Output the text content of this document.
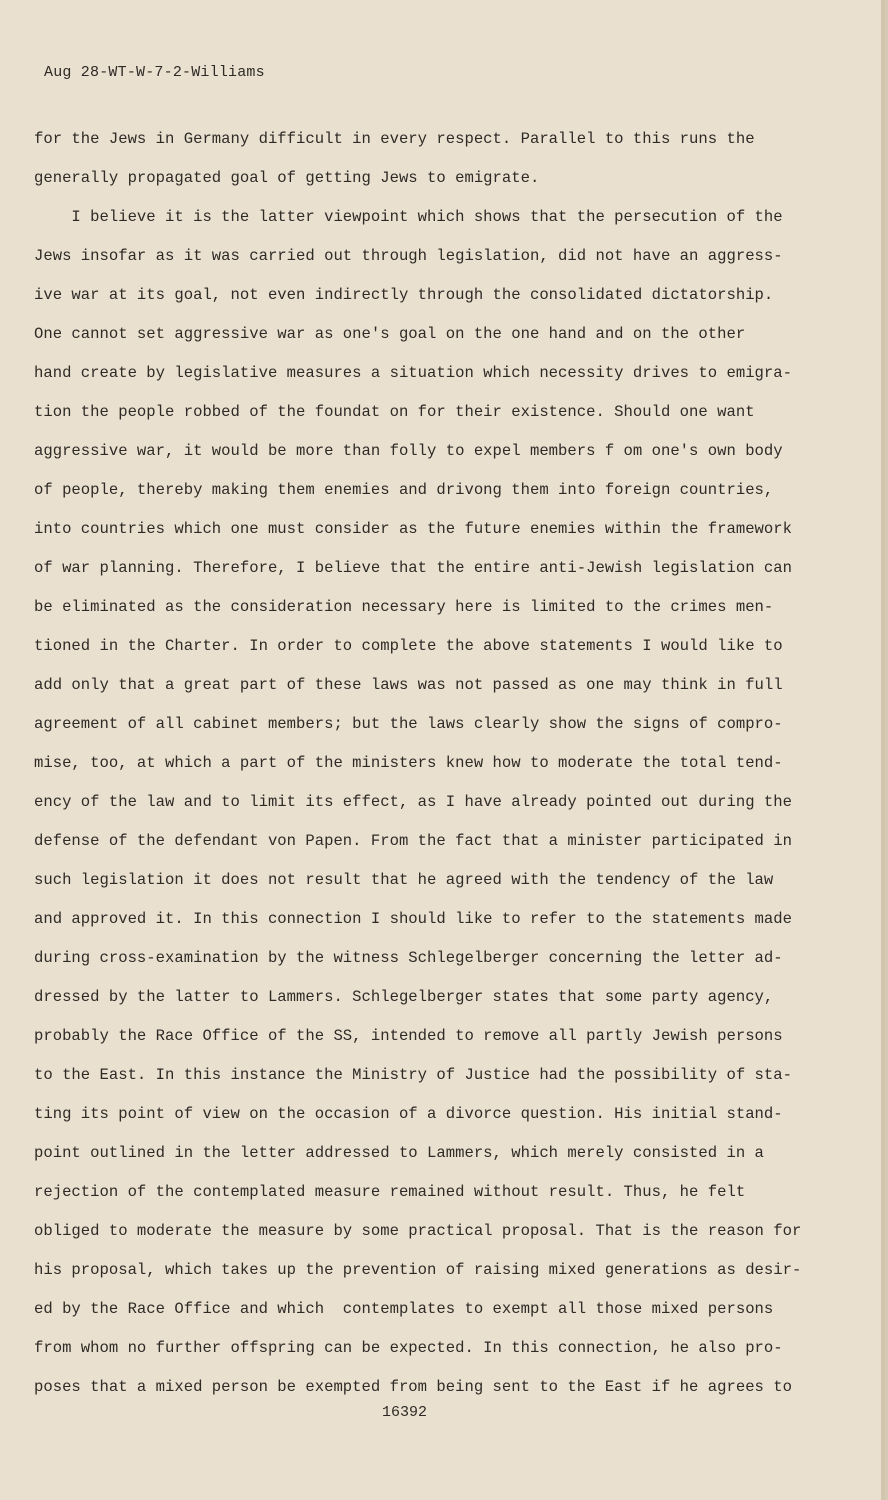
Aug 28-WT-W-7-2-Williams
for the Jews in Germany difficult in every respect. Parallel to this runs the
generally propagated goal of getting Jews to emigrate.
I believe it is the latter viewpoint which shows that the persecution of the
Jews insofar as it was carried out through legislation, did not have an aggress-
ive war at its goal, not even indirectly through the consolidated dictatorship.
One cannot set aggressive war as one's goal on the one hand and on the other
hand create by legislative measures a situation which necessity drives to emigra-
tion the people robbed of the foundat on for their existence. Should one want
aggressive war, it would be more than folly to expel members f om one's own body
of people, thereby making them enemies and drivong them into foreign countries,
into countries which one must consider as the future enemies within the framework
of war planning. Therefore, I believe that the entire anti-Jewish legislation can
be eliminated as the consideration necessary here is limited to the crimes men-
tioned in the Charter. In order to complete the above statements I would like to
add only that a great part of these laws was not passed as one may think in full
agreement of all cabinet members; but the laws clearly show the signs of compro-
mise, too, at which a part of the ministers knew how to moderate the total tend-
ency of the law and to limit its effect, as I have already pointed out during the
defense of the defendant von Papen. From the fact that a minister participated in
such legislation it does not result that he agreed with the tendency of the law
and approved it. In this connection I should like to refer to the statements made
during cross-examination by the witness Schlegelberger concerning the letter ad-
dressed by the latter to Lammers. Schlegelberger states that some party agency,
probably the Race Office of the SS, intended to remove all partly Jewish persons
to the East. In this instance the Ministry of Justice had the possibility of sta-
ting its point of view on the occasion of a divorce question. His initial stand-
point outlined in the letter addressed to Lammers, which merely consisted in a
rejection of the contemplated measure remained without result. Thus, he felt
obliged to moderate the measure by some practical proposal. That is the reason for
his proposal, which takes up the prevention of raising mixed generations as desir-
ed by the Race Office and which  contemplates to exempt all those mixed persons
from whom no further offspring can be expected. In this connection, he also pro-
poses that a mixed person be exempted from being sent to the East if he agrees to
16392
